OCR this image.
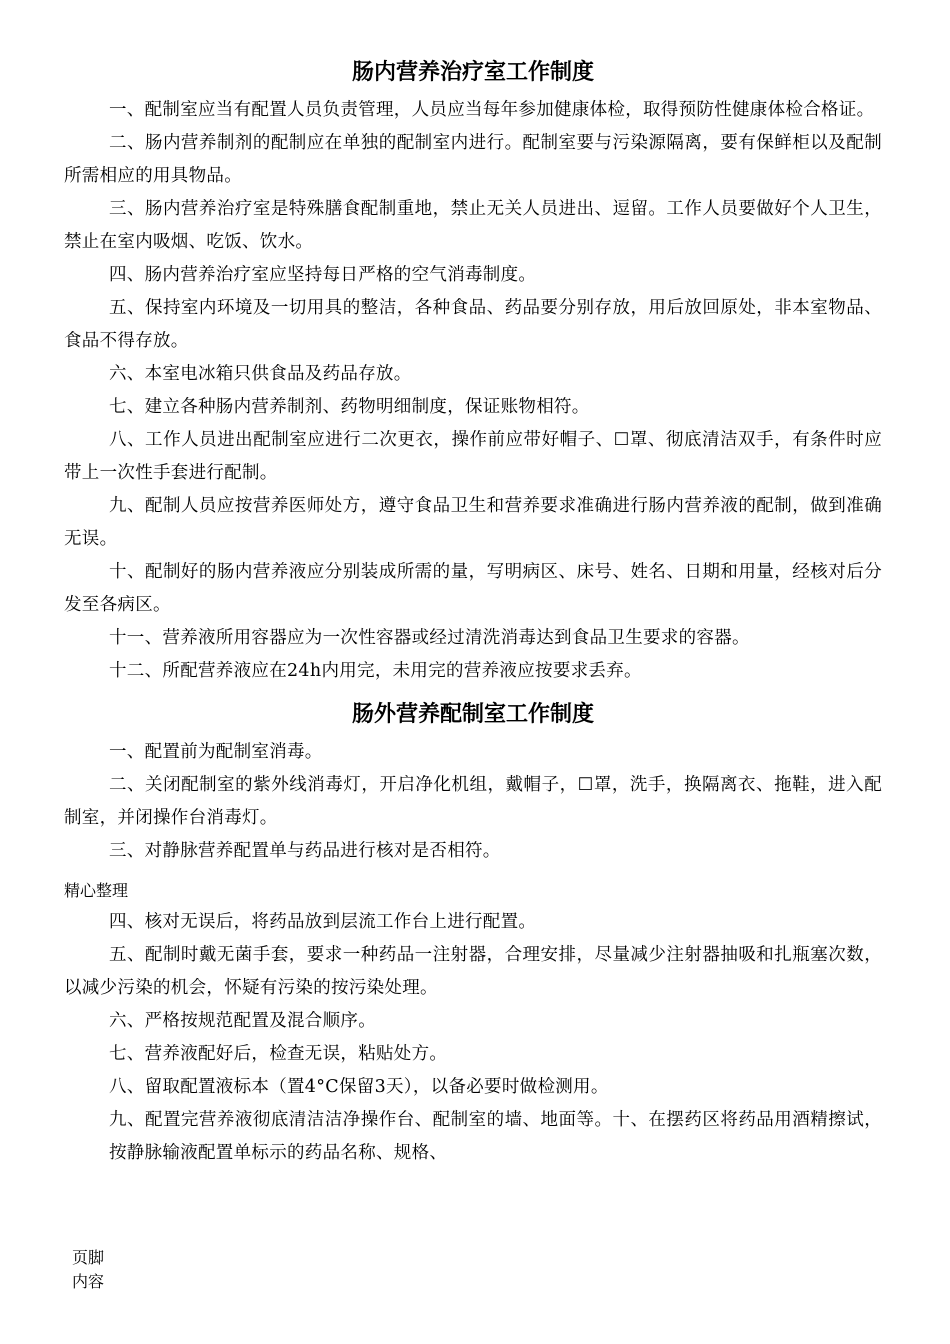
肠内营养治疗室工作制度

一、配制室应当有配置人员负责管理，人员应当每年参加健康体检，取得预防性健康体检合格证。

二、肠内营养制剂的配制应在单独的配制室内进行。配制室要与污染源隔离，要有保鲜柜以及配制所需相应的用具物品。

三、肠内营养治疗室是特殊膳食配制重地，禁止无关人员进出、逗留。工作人员要做好个人卫生，禁止在室内吸烟、吃饭、饮水。

四、肠内营养治疗室应坚持每日严格的空气消毒制度。

五、保持室内环境及一切用具的整洁，各种食品、药品要分别存放，用后放回原处，非本室物品、食品不得存放。

六、本室电冰箱只供食品及药品存放。

七、建立各种肠内营养制剂、药物明细制度，保证账物相符。

八、工作人员进出配制室应进行二次更衣，操作前应带好帽子、☐罩、彻底清洁双手，有条件时应带上一次性手套进行配制。

九、配制人员应按营养医师处方，遵守食品卫生和营养要求准确进行肠内营养液的配制，做到准确无误。

十、配制好的肠内营养液应分别装成所需的量，写明病区、床号、姓名、日期和用量，经核对后分发至各病区。

十一、营养液所用容器应为一次性容器或经过清洗消毒达到食品卫生要求的容器。

十二、所配营养液应在24h内用完，未用完的营养液应按要求丢弃。

肠外营养配制室工作制度

一、配置前为配制室消毒。

二、关闭配制室的紫外线消毒灯，开启净化机组，戴帽子，☐罩，洗手，换隔离衣、拖鞋，进入配制室，并闭操作台消毒灯。

三、对静脉营养配置单与药品进行核对是否相符。

精心整理

四、核对无误后，将药品放到层流工作台上进行配置。

五、配制时戴无菌手套，要求一种药品一注射器，合理安排，尽量减少注射器抽吸和扎瓶塞次数，以减少污染的机会，怀疑有污染的按污染处理。

六、严格按规范配置及混合顺序。

七、营养液配好后，检查无误，粘贴处方。

八、留取配置液标本（置4°C保留3天），以备必要时做检测用。

九、配置完营养液彻底清洁洁净操作台、配制室的墙、地面等。十、在摆药区将药品用酒精擦试，按静脉输液配置单标示的药品名称、规格、

页脚
内容
